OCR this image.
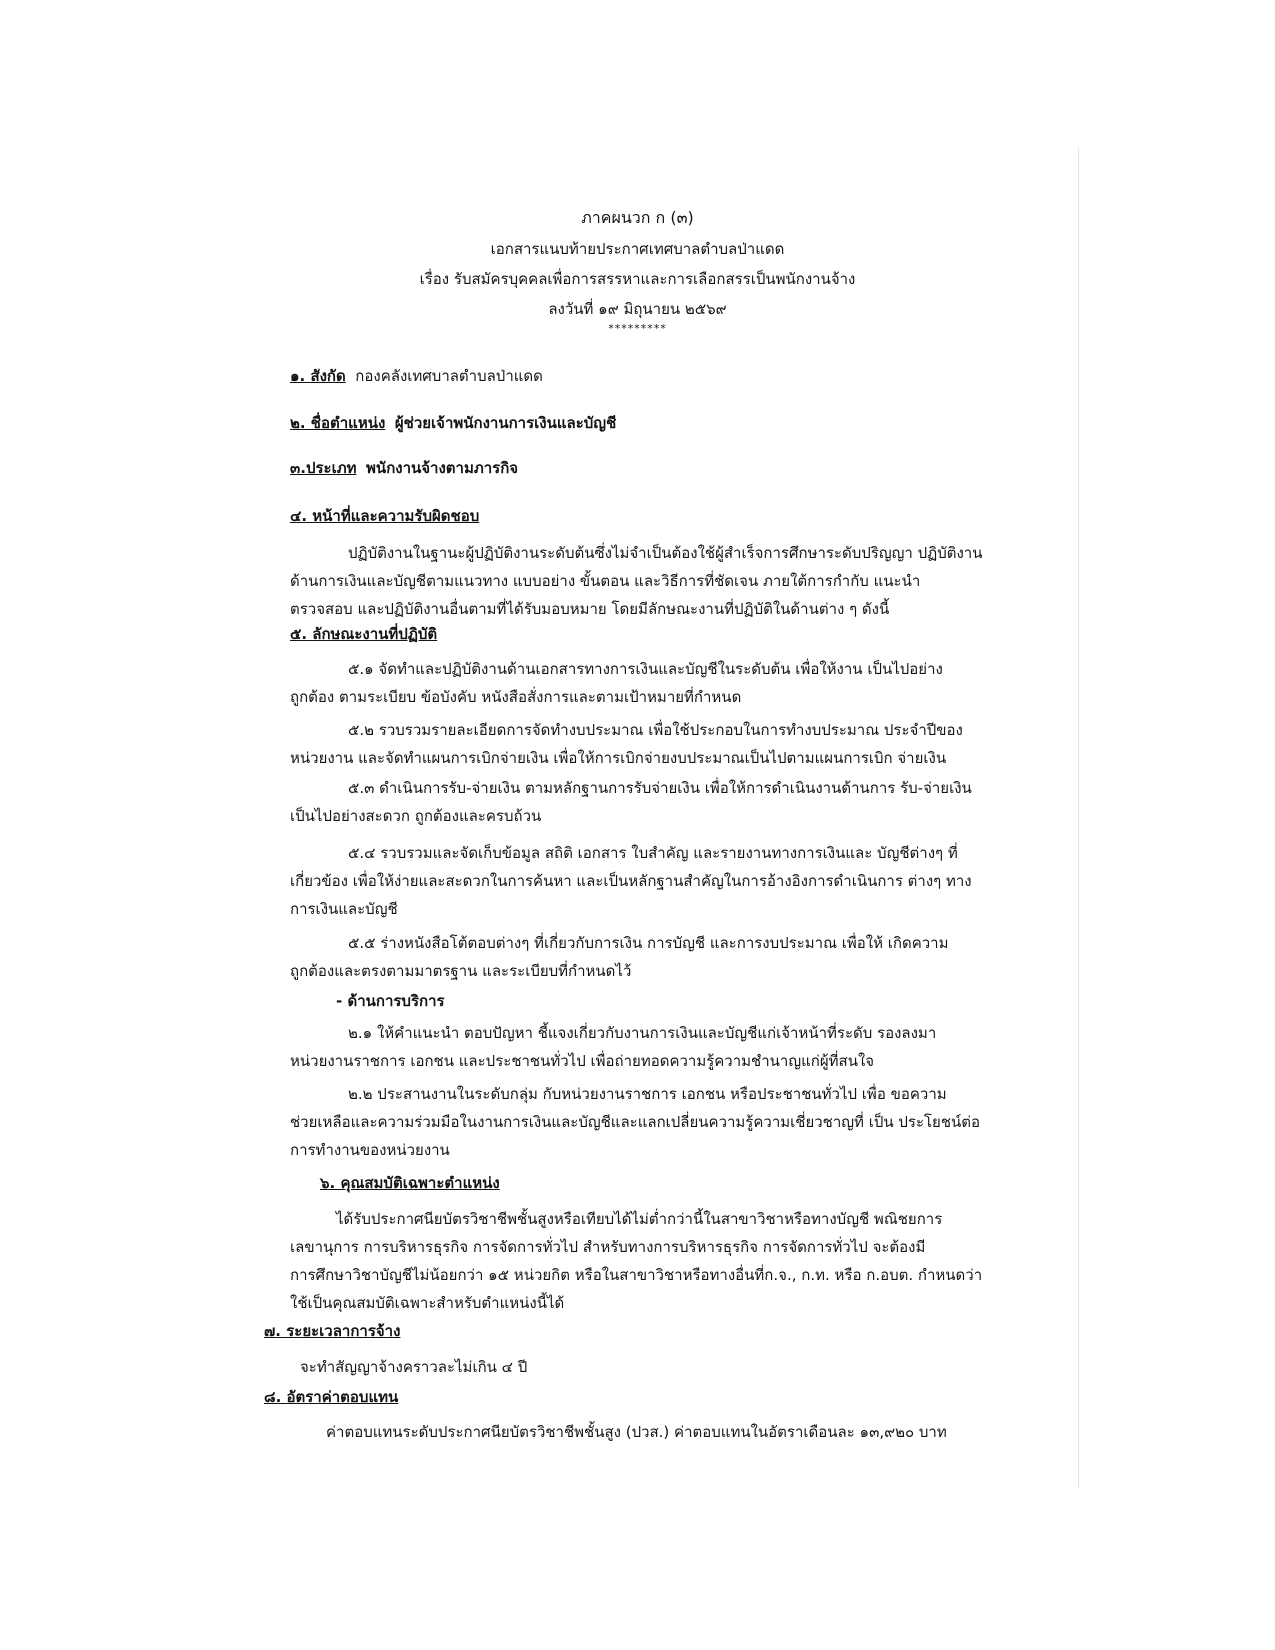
ภาคผนวก ก (๓)
เอกสารแนบท้ายประกาศเทศบาลตำบลป่าแดด
เรื่อง รับสมัครบุคคลเพื่อการสรรหาและการเลือกสรรเป็นพนักงานจ้าง
ลงวันที่ ๑๙ มิถุนายน ๒๕๖๙
*********
๑. สังกัด กองคลังเทศบาลตำบลป่าแดด
๒. ชื่อตำแหน่ง ผู้ช่วยเจ้าพนักงานการเงินและบัญชี
๓.ประเภท พนักงานจ้างตามภารกิจ
๔. หน้าที่และความรับผิดชอบ
ปฏิบัติงานในฐานะผู้ปฏิบัติงานระดับต้นซึ่งไม่จำเป็นต้องใช้ผู้สำเร็จการศึกษาระดับปริญญา ปฏิบัติงาน
ด้านการเงินและบัญชีตามแนวทาง แบบอย่าง ขั้นตอน และวิธีการที่ชัดเจน ภายใต้การกำกับ แนะนำ
ตรวจสอบ และปฏิบัติงานอื่นตามที่ได้รับมอบหมาย โดยมีลักษณะงานที่ปฏิบัติในด้านต่าง ๆ ดังนี้
๕. ลักษณะงานที่ปฏิบัติ
๕.๑ จัดทำและปฏิบัติงานด้านเอกสารทางการเงินและบัญชีในระดับต้น เพื่อให้งาน เป็นไปอย่าง
ถูกต้อง ตามระเบียบ ข้อบังคับ หนังสือสั่งการและตามเป้าหมายที่กำหนด
๕.๒ รวบรวมรายละเอียดการจัดทำงบประมาณ เพื่อใช้ประกอบในการทำงบประมาณ ประจำปีของ
หน่วยงาน และจัดทำแผนการเบิกจ่ายเงิน เพื่อให้การเบิกจ่ายงบประมาณเป็นไปตามแผนการเบิก จ่ายเงิน
๕.๓ ดำเนินการรับ-จ่ายเงิน ตามหลักฐานการรับจ่ายเงิน เพื่อให้การดำเนินงานด้านการ รับ-จ่ายเงิน
เป็นไปอย่างสะดวก ถูกต้องและครบถ้วน
๕.๔ รวบรวมและจัดเก็บข้อมูล สถิติ เอกสาร ใบสำคัญ และรายงานทางการเงินและ บัญชีต่างๆ ที่
เกี่ยวข้อง เพื่อให้ง่ายและสะดวกในการค้นหา และเป็นหลักฐานสำคัญในการอ้างอิงการดำเนินการ ต่างๆ ทาง
การเงินและบัญชี
๕.๕ ร่างหนังสือโต้ตอบต่างๆ ที่เกี่ยวกับการเงิน การบัญชี และการงบประมาณ เพื่อให้ เกิดความ
ถูกต้องและตรงตามมาตรฐาน และระเบียบที่กำหนดไว้
- ด้านการบริการ
๒.๑ ให้คำแนะนำ ตอบปัญหา ชี้แจงเกี่ยวกับงานการเงินและบัญชีแก่เจ้าหน้าที่ระดับ รองลงมา
หน่วยงานราชการ เอกชน และประชาชนทั่วไป เพื่อถ่ายทอดความรู้ความชำนาญแก่ผู้ที่สนใจ
๒.๒ ประสานงานในระดับกลุ่ม กับหน่วยงานราชการ เอกชน หรือประชาชนทั่วไป เพื่อ ขอความ
ช่วยเหลือและความร่วมมือในงานการเงินและบัญชีและแลกเปลี่ยนความรู้ความเชี่ยวชาญที่ เป็น ประโยชน์ต่อ
การทำงานของหน่วยงาน
๖. คุณสมบัติเฉพาะตำแหน่ง
ได้รับประกาศนียบัตรวิชาชีพชั้นสูงหรือเทียบได้ไม่ต่ำกว่านี้ในสาขาวิชาหรือทางบัญชี พณิชยการ
เลขานุการ การบริหารธุรกิจ การจัดการทั่วไป สำหรับทางการบริหารธุรกิจ การจัดการทั่วไป จะต้องมี
การศึกษาวิชาบัญชีไม่น้อยกว่า ๑๕ หน่วยกิต หรือในสาขาวิชาหรือทางอื่นที่ก.จ., ก.ท. หรือ ก.อบต. กำหนดว่า
ใช้เป็นคุณสมบัติเฉพาะสำหรับตำแหน่งนี้ได้
๗. ระยะเวลาการจ้าง
จะทำสัญญาจ้างคราวละไม่เกิน ๔ ปี
๘. อัตราค่าตอบแทน
ค่าตอบแทนระดับประกาศนียบัตรวิชาชีพชั้นสูง (ปวส.) ค่าตอบแทนในอัตราเดือนละ ๑๓,๙๒๐ บาท
